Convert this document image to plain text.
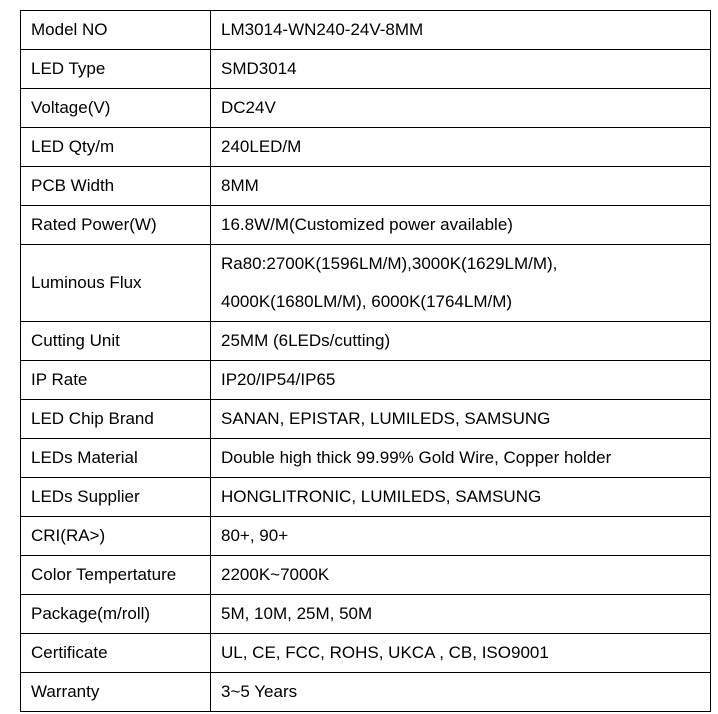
Model NO	LM3014-WN240-24V-8MM
LED Type	SMD3014
Voltage(V)	DC24V
LED Qty/m	240LED/M
PCB Width	8MM
Rated Power(W)	16.8W/M(Customized power available)
Luminous Flux	Ra80:2700K(1596LM/M),3000K(1629LM/M),
4000K(1680LM/M), 6000K(1764LM/M)

Cutting Unit	25MM (6LEDs/cutting)
IP Rate	IP20/IP54/IP65
LED Chip Brand	SANAN, EPISTAR, LUMILEDS, SAMSUNG
LEDs Material	Double high thick 99.99% Gold Wire, Copper holder
LEDs Supplier	HONGLITRONIC, LUMILEDS, SAMSUNG
CRI(RA>)	80+, 90+
Color Tempertature	2200K~7000K
Package(m/roll)	5M, 10M, 25M, 50M
Certificate	UL, CE, FCC, ROHS, UKCA , CB, ISO9001
Warranty	3~5 Years
